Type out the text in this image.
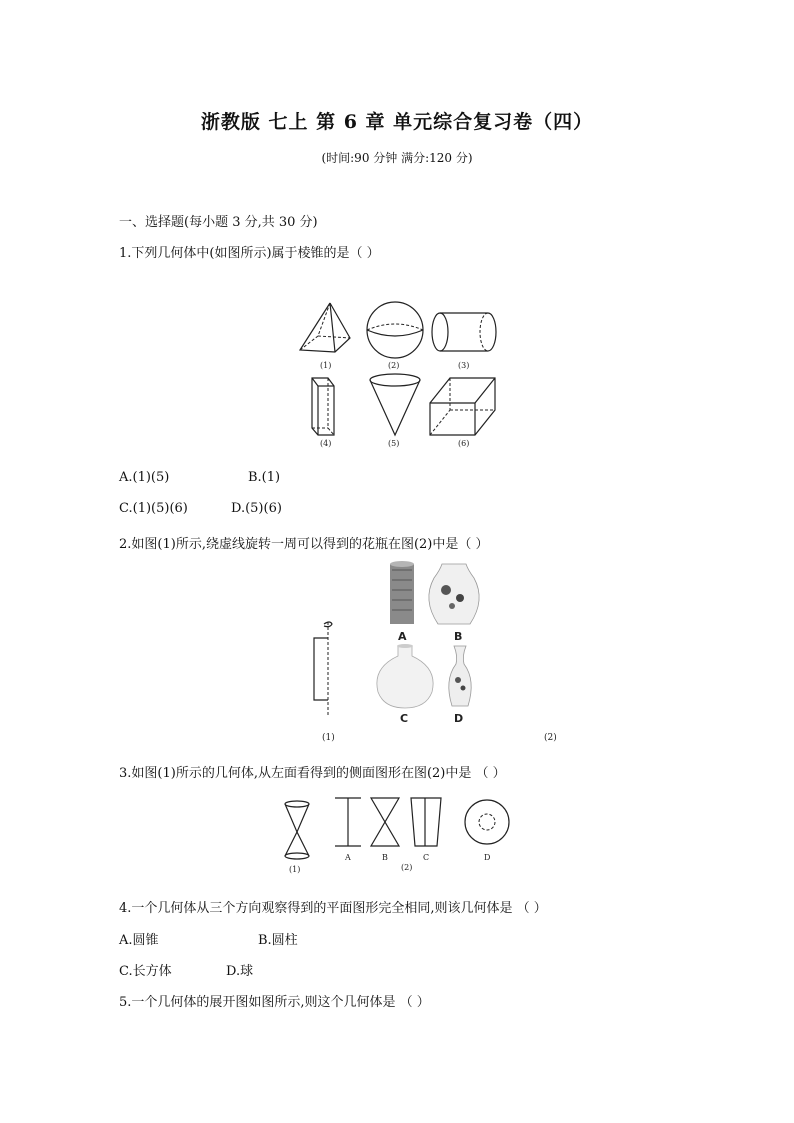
浙教版 七上 第 6 章 单元综合复习卷（四）
(时间:90 分钟 满分:120 分)
一、选择题(每小题 3 分,共 30 分)
1.下列几何体中(如图所示)属于棱锥的是（ ）
(1)	(2)	(3)
(4)	(5)	(6)
A.(1)(5)	B.(1)
C.(1)(5)(6)	D.(5)(6)
2.如图(1)所示,绕虚线旋转一周可以得到的花瓶在图(2)中是（ ）
(1)
A	B
C	D
(2)
3.如图(1)所示的几何体,从左面看得到的侧面图形在图(2)中是 （ ）
(1)
A	B
(2)
C	D
4.一个几何体从三个方向观察得到的平面图形完全相同,则该几何体是 （ ）
A.圆锥	B.圆柱
C.长方体	D.球
5.一个几何体的展开图如图所示,则这个几何体是 （ ）
